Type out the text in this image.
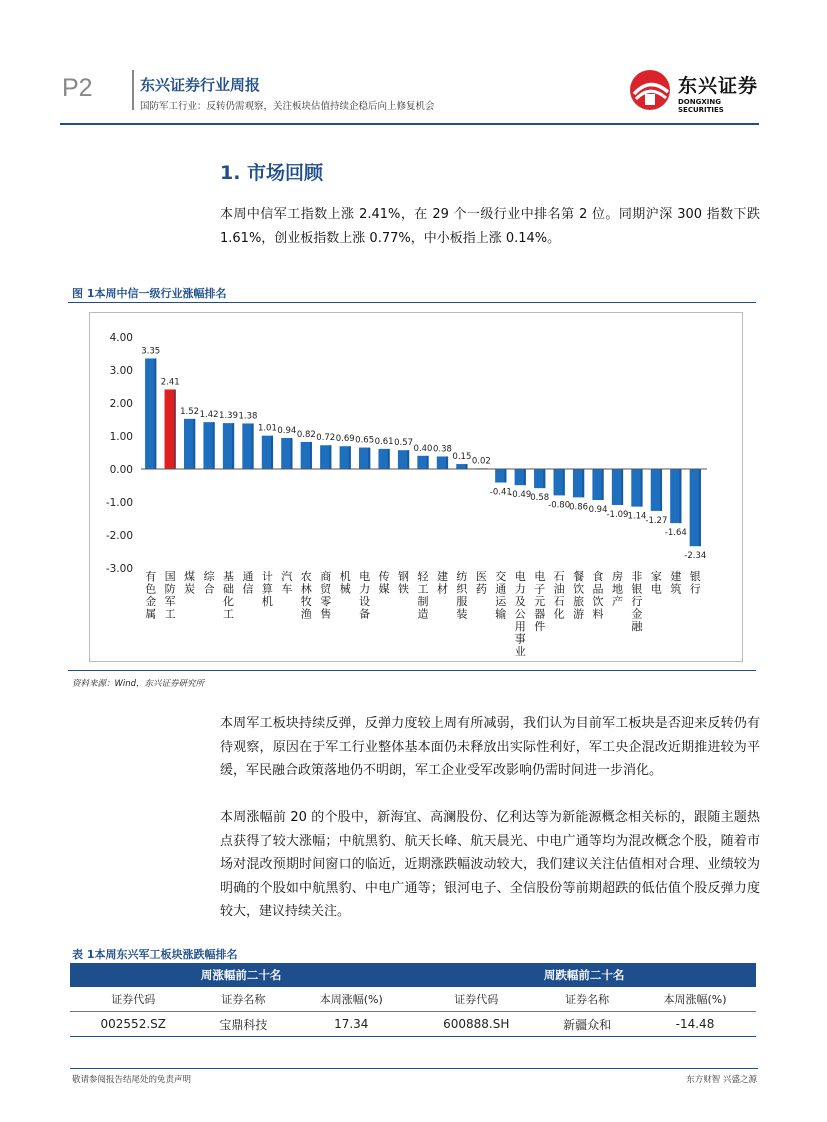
P2	东兴证券行业周报
国防军工行业：反转仍需观察，关注板块估值持续企稳后向上修复机会
东兴证券
DONGXING SECURITIES
1. 市场回顾
本周中信军工指数上涨 2.41%，在 29 个一级行业中排名第 2 位。同期沪深 300 指数下跌 1.61%，创业板指数上涨 0.77%，中小板指上涨 0.14%。
图 1本周中信一级行业涨幅排名
4.00
3.00
2.00
1.00
0.00
-1.00
-2.00
-3.00
3.35
有
色
金
属
2.41
国
防
军
工
1.52
煤
炭
1.42
综
合
1.39
基
础
化
工
1.38
通
信
1.01
计
算
机
0.94
汽
车
0.82
农
林
牧
渔
0.72
商
贸
零
售
0.69
机
械
0.65
电
力
设
备
0.61
传
媒
0.57
钢
铁
0.40
轻
工
制
造
0.38
建
材
0.15
纺
织
服
装
0.02
医
药
-0.41
交
通
运
输
-0.49
电
力
及
公
用
事
业
0.58
电
子
元
器
件
-0.80
石
油
石
化
0.86
餐
饮
旅
游
0.94
食
品
饮
料
-1.09
房
地
产
1.14
非
银
行
金
融
-1.27
家
电
-1.64
建
筑
-2.34
银
行
资料来源：Wind，东兴证券研究所
本周军工板块持续反弹，反弹力度较上周有所减弱，我们认为目前军工板块是否迎来反转仍有待观察，原因在于军工行业整体基本面仍未释放出实际性利好，军工央企混改近期推进较为平缓，军民融合政策落地仍不明朗，军工企业受军改影响仍需时间进一步消化。
本周涨幅前 20 的个股中，新海宜、高澜股份、亿利达等为新能源概念相关标的，跟随主题热点获得了较大涨幅；中航黑豹、航天长峰、航天晨光、中电广通等均为混改概念个股，随着市场对混改预期时间窗口的临近，近期涨跌幅波动较大，我们建议关注估值相对合理、业绩较为明确的个股如中航黑豹、中电广通等；银河电子、全信股份等前期超跌的低估值个股反弹力度较大，建议持续关注。
表 1本周东兴军工板块涨跌幅排名
周涨幅前二十名			周跌幅前二十名		
证券代码	证券名称	本周涨幅(%)	证券代码	证券名称	本周涨幅(%)
002552.SZ	宝鼎科技	17.34	600888.SH	新疆众和	-14.48
敬请参阅报告结尾处的免责声明	东方财智 兴盛之源
